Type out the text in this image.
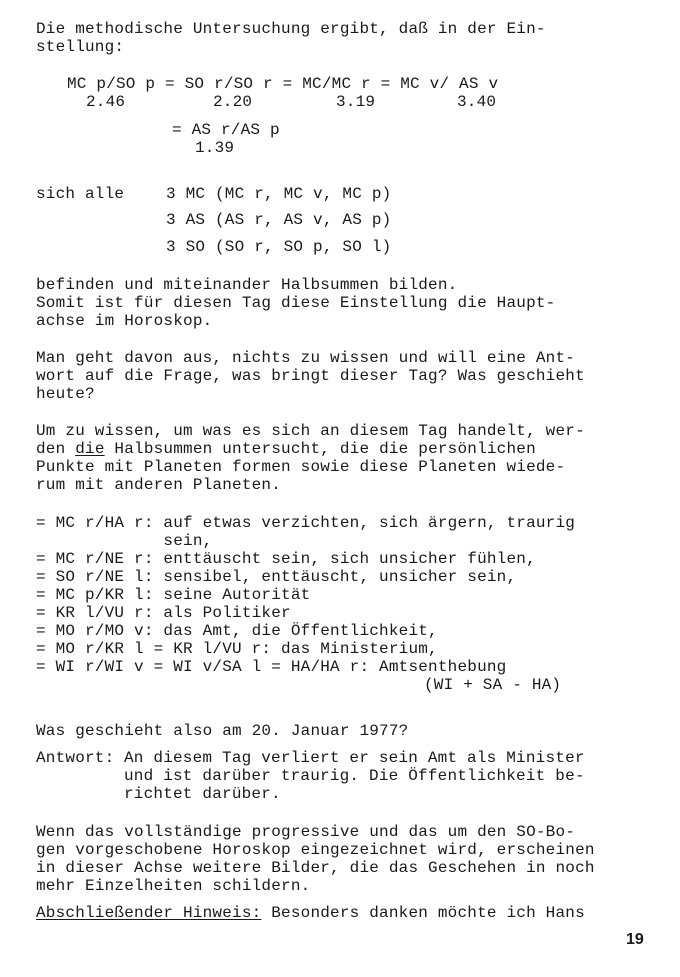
Die methodische Untersuchung ergibt, daß in der Ein-
stellung:
MC p/SO p = SO r/SO r = MC/MC r = MC v/ AS v
2.46	2.20	3.19	3.40
= AS r/AS p
1.39
sich alle	3 MC (MC r, MC v, MC p)
3 AS (AS r, AS v, AS p)
3 SO (SO r, SO p, SO l)
befinden und miteinander Halbsummen bilden.
Somit ist für diesen Tag diese Einstellung die Haupt-
achse im Horoskop.
Man geht davon aus, nichts zu wissen und will eine Ant-
wort auf die Frage, was bringt dieser Tag? Was geschieht
heute?
Um zu wissen, um was es sich an diesem Tag handelt, wer-
den die Halbsummen untersucht, die die persönlichen
Punkte mit Planeten formen sowie diese Planeten wiede-
rum mit anderen Planeten.
= MC r/HA r: auf etwas verzichten, sich ärgern, traurig
sein,
= MC r/NE r: enttäuscht sein, sich unsicher fühlen,
= SO r/NE l: sensibel, enttäuscht, unsicher sein,
= MC p/KR l: seine Autorität
= KR l/VU r: als Politiker
= MO r/MO v: das Amt, die Öffentlichkeit,
= MO r/KR l = KR l/VU r: das Ministerium,
= WI r/WI v = WI v/SA l = HA/HA r: Amtsenthebung
(WI + SA - HA)
Was geschieht also am 20. Januar 1977?
Antwort: An diesem Tag verliert er sein Amt als Minister
und ist darüber traurig. Die Öffentlichkeit be-
richtet darüber.
Wenn das vollständige progressive und das um den SO-Bo-
gen vorgeschobene Horoskop eingezeichnet wird, erscheinen
in dieser Achse weitere Bilder, die das Geschehen in noch
mehr Einzelheiten schildern.
Abschließender Hinweis: Besonders danken möchte ich Hans
19
